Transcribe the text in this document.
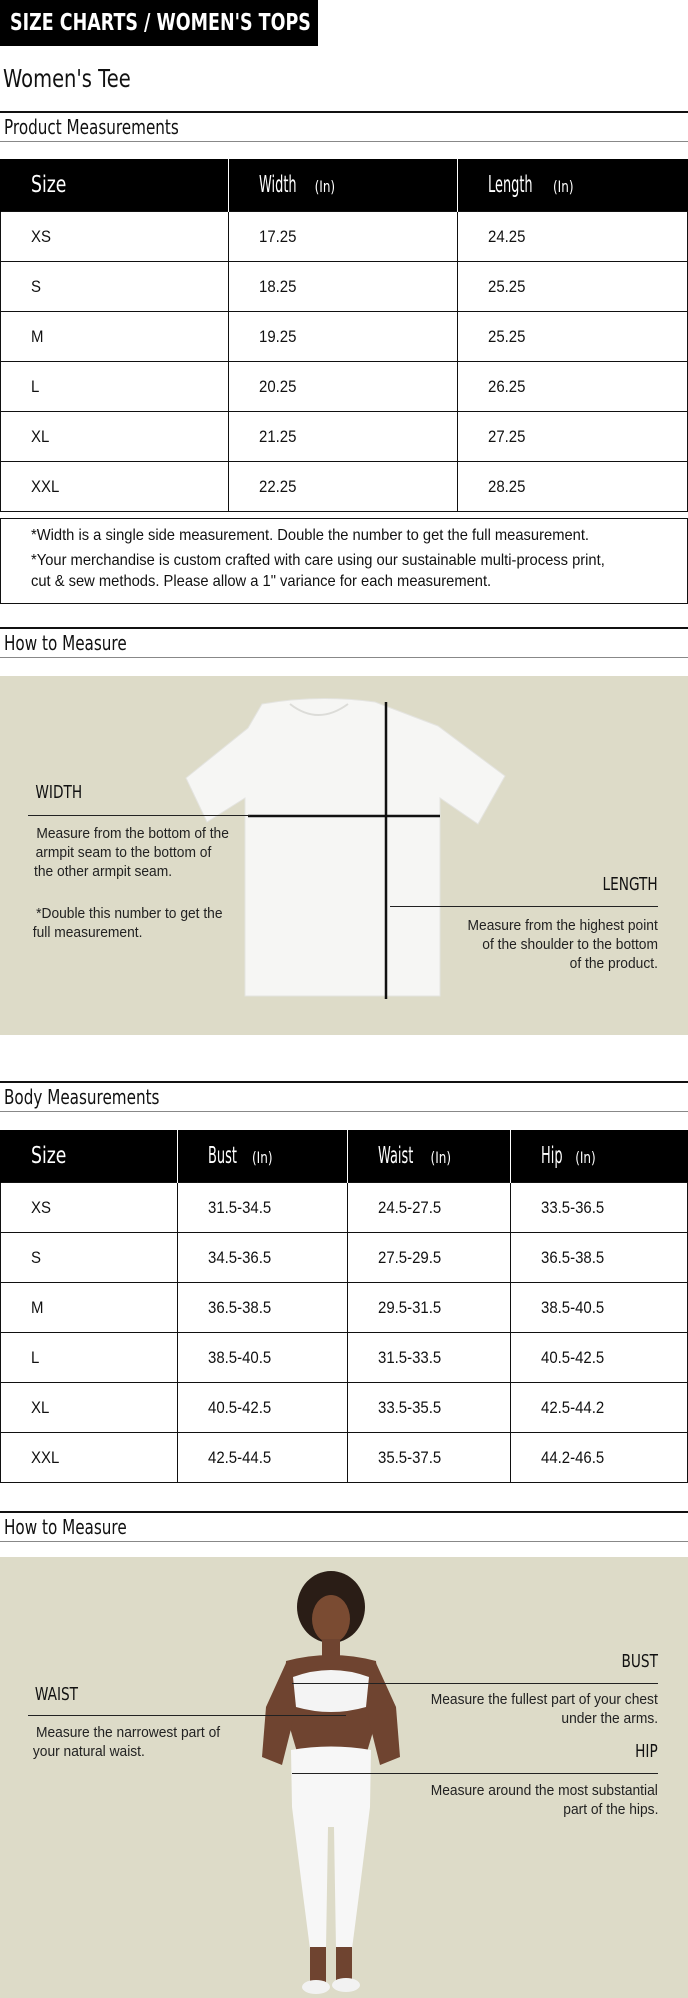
SIZE CHARTS / WOMEN'S TOPS
Women's Tee
Product Measurements
Size	Width (In)	Length (In)
XS	17.25	24.25
S	18.25	25.25
M	19.25	25.25
L	20.25	26.25
XL	21.25	27.25
XXL	22.25	28.25

*Width is a single side measurement. Double the number to get the full measurement.

*Your merchandise is custom crafted with care using our sustainable multi-process print,

cut & sew methods. Please allow a 1" variance for each measurement.

How to Measure
WIDTH
Measure from the bottom of the
armpit seam to the bottom of
the other armpit seam.
*Double this number to get the
full measurement.
LENGTH
Measure from the highest point
of the shoulder to the bottom
of the product.
Body Measurements
Size	Bust (In)	Waist (In)	Hip (In)
XS	31.5-34.5	24.5-27.5	33.5-36.5
S	34.5-36.5	27.5-29.5	36.5-38.5
M	36.5-38.5	29.5-31.5	38.5-40.5
L	38.5-40.5	31.5-33.5	40.5-42.5
XL	40.5-42.5	33.5-35.5	42.5-44.2
XXL	42.5-44.5	35.5-37.5	44.2-46.5
How to Measure
WAIST
Measure the narrowest part of
your natural waist.
BUST
Measure the fullest part of your chest
under the arms.
HIP
Measure around the most substantial
part of the hips.
